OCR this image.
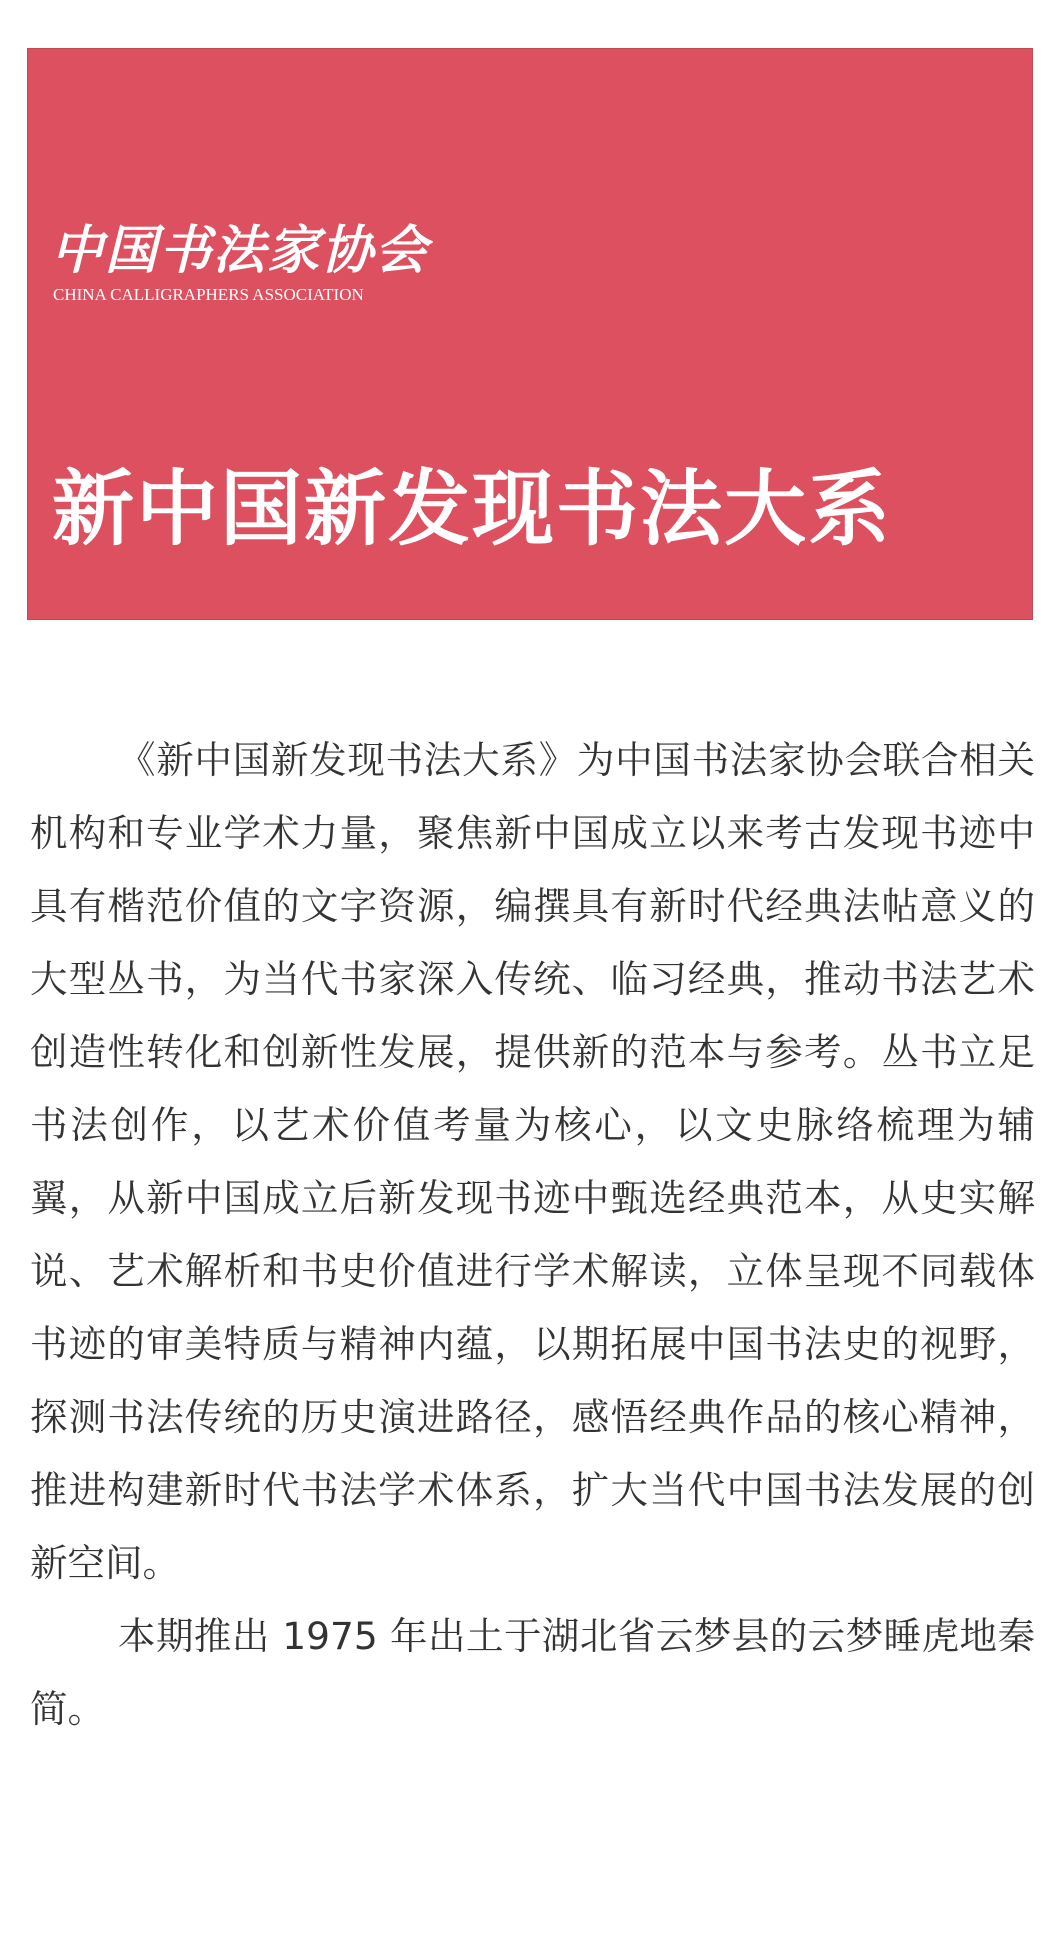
中国书法家协会
CHINA CALLIGRAPHERS ASSOCIATION
新中国新发现书法大系

《新中国新发现书法大系》为中国书法家协会联合相关机构和专业学术力量，聚焦新中国成立以来考古发现书迹中具有楷范价值的文字资源，编撰具有新时代经典法帖意义的大型丛书，为当代书家深入传统、临习经典，推动书法艺术创造性转化和创新性发展，提供新的范本与参考。丛书立足书法创作，以艺术价值考量为核心，以文史脉络梳理为辅翼，从新中国成立后新发现书迹中甄选经典范本，从史实解说、艺术解析和书史价值进行学术解读，立体呈现不同载体书迹的审美特质与精神内蕴，以期拓展中国书法史的视野，探测书法传统的历史演进路径，感悟经典作品的核心精神，推进构建新时代书法学术体系，扩大当代中国书法发展的创新空间。

本期推出 1975 年出土于湖北省云梦县的云梦睡虎地秦简。
